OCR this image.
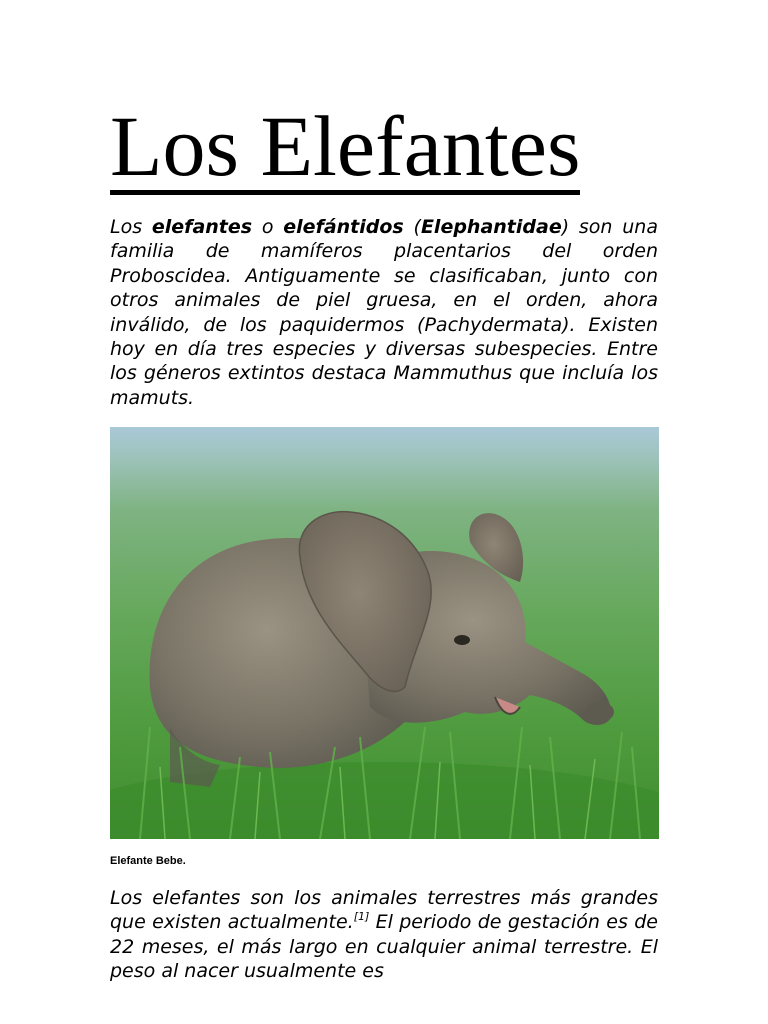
Los Elefantes

Los elefantes o elefántidos (Elephantidae) son una familia de mamíferos placentarios del orden Proboscidea. Antiguamente se clasificaban, junto con otros animales de piel gruesa, en el orden, ahora inválido, de los paquidermos (Pachydermata). Existen hoy en día tres especies y diversas subespecies. Entre los géneros extintos destaca Mammuthus que incluía los mamuts.

Elefante Bebe.

Los elefantes son los animales terrestres más grandes que existen actualmente.[1] El periodo de gestación es de 22 meses, el más largo en cualquier animal terrestre. El peso al nacer usualmente es
